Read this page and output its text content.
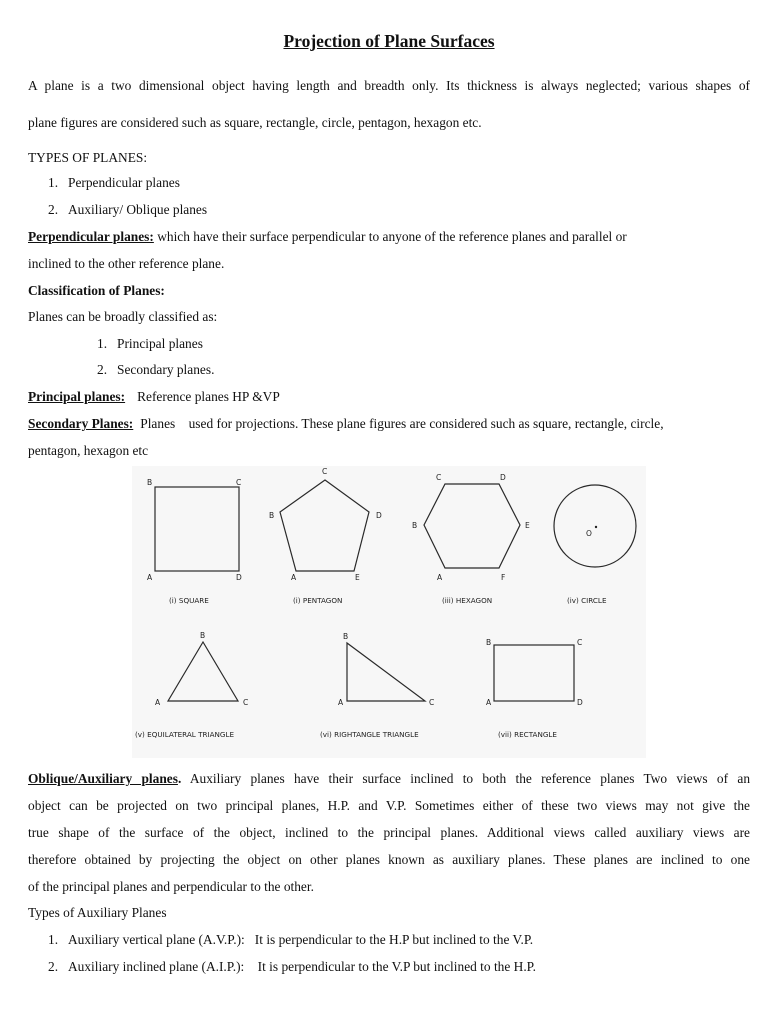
Projection of Plane Surfaces
A plane is a two dimensional object having length and breadth only. Its thickness is always neglected; various shapes of
plane figures are considered such as square, rectangle, circle, pentagon, hexagon etc.
TYPES OF PLANES:
1. Perpendicular planes
2. Auxiliary/ Oblique planes
Perpendicular planes: which have their surface perpendicular to anyone of the reference planes and parallel or
inclined to the other reference plane.
Classification of Planes:
Planes can be broadly classified as:
1. Principal planes
2. Secondary planes.
Principal planes: Reference planes HP &VP
Secondary Planes: Planes    used for projections. These plane figures are considered such as square, rectangle, circle,
pentagon, hexagon etc
B	C
A	D
(i) SQUARE
C
B	D
A	E
(i) PENTAGON
C	D
B	E
A	F
(iii) HEXAGON
O
(iv) CIRCLE
B
A	C
(v) EQUILATERAL TRIANGLE
B
A	C
(vi) RIGHTANGLE TRIANGLE
B	C
A	D
(vii) RECTANGLE
Oblique/Auxiliary planes. Auxiliary planes have their surface inclined to both the reference planes Two views of an
object can be projected on two principal planes, H.P. and V.P. Sometimes either of these two views may not give the
true shape of the surface of the object, inclined to the principal planes. Additional views called auxiliary views are
therefore obtained by projecting the object on other planes known as auxiliary planes. These planes are inclined to one
of the principal planes and perpendicular to the other.
Types of Auxiliary Planes
1. Auxiliary vertical plane (A.V.P.):   It is perpendicular to the H.P but inclined to the V.P.
2. Auxiliary inclined plane (A.I.P.):    It is perpendicular to the V.P but inclined to the H.P.
